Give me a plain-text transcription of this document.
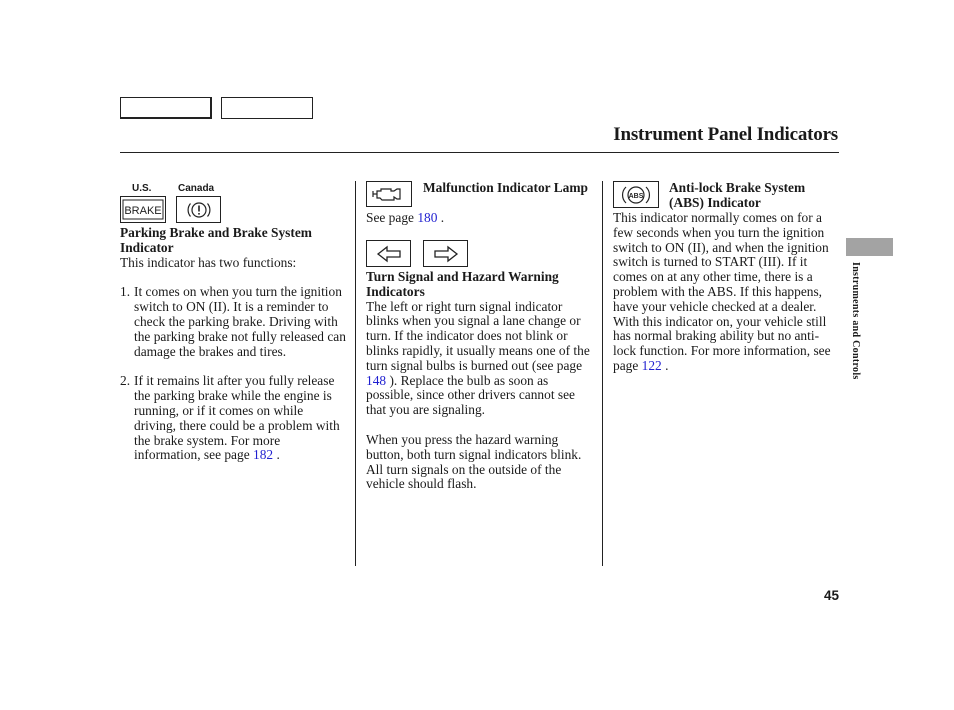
Instrument Panel Indicators
U.S.	Canada
BRAKE

Parking Brake and Brake System Indicator

This indicator has two functions:

1. It comes on when you turn the ignition switch to ON (II). It is a reminder to check the parking brake. Driving with the parking brake not fully released can damage the brakes and tires.
2. If it remains lit after you fully release the parking brake while the engine is running, or if it comes on while driving, there could be a problem with the brake system. For more information, see page 182 .

Malfunction Indicator Lamp

See page 180 .

Turn Signal and Hazard Warning Indicators

The left or right turn signal indicator blinks when you signal a lane change or turn. If the indicator does not blink or blinks rapidly, it usually means one of the turn signal bulbs is burned out (see page 148 ). Replace the bulb as soon as possible, since other drivers cannot see that you are signaling.

When you press the hazard warning button, both turn signal indicators blink. All turn signals on the outside of the vehicle should flash.

ABS

Anti-lock Brake System (ABS) Indicator

This indicator normally comes on for a few seconds when you turn the ignition switch to ON (II), and when the ignition switch is turned to START (III). If it comes on at any other time, there is a problem with the ABS. If this happens, have your vehicle checked at a dealer. With this indicator on, your vehicle still has normal braking ability but no anti-lock function. For more information, see page 122 .	Instruments and Controls
45
